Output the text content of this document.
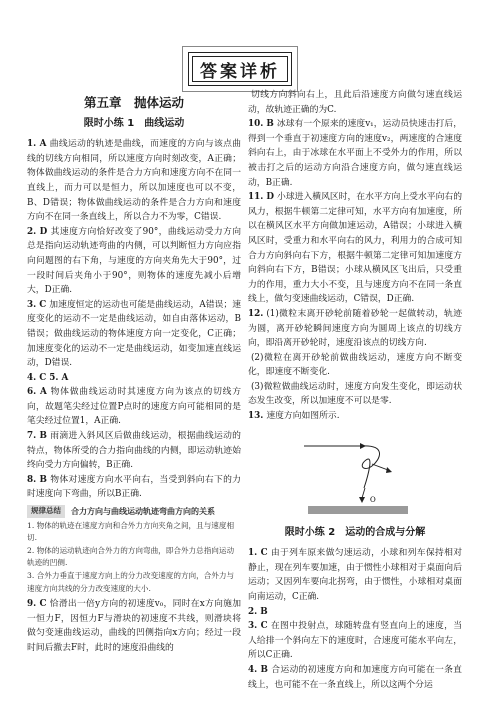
答案详析
第五章　抛体运动
限时小练 1　曲线运动

1. A 曲线运动的轨迹是曲线，而速度的方向与该点曲线的切线方向相同，所以速度方向时刻改变，A正确；物体做曲线运动的条件是合力方向和速度方向不在同一直线上，而力可以是恒力，所以加速度也可以不变，B、D错误；物体做曲线运动的条件是合力方向和速度方向不在同一条直线上，所以合力不为零，C错误.

2. D 其速度方向恰好改变了90°，曲线运动受力方向总是指向运动轨迹弯曲的内侧，可以判断恒力方向应指向问题图的右下角，与速度的方向夹角先大于90°，过一段时间后夹角小于90°，则物体的速度先减小后增大，D正确.

3. C 加速度恒定的运动也可能是曲线运动，A错误；速度变化的运动不一定是曲线运动，如自由落体运动，B错误；做曲线运动的物体速度方向一定变化，C正确；加速度变化的运动不一定是曲线运动，如变加速直线运动，D错误.

4. C 5. A

6. A 物体做曲线运动时其速度方向为该点的切线方向，故题笔尖经过位置P点时的速度方向可能相同的是笔尖经过位置1，A正确.

7. B 雨滴进入斜风区后做曲线运动，根据曲线运动的特点，物体所受的合力指向曲线的内侧，即运动轨迹始终向受力方向偏转，B正确.

8. B 物体对速度方向水平向右，当受到斜向右下的力时速度向下弯曲，所以B正确.

规律总结	合力方向与曲线运动轨迹弯曲方向的关系
1. 物体的轨迹在速度方向和合外力方向夹角之间，且与速度相切.
2. 物体的运动轨迹向合外力的方向弯曲，即合外力总指向运动轨迹的凹侧.
3. 合外力垂直于速度方向上的分力改变速度的方向，合外力与速度方向共线的分力改变速度的大小.

9. C 恰滑出一倍y方向的初速度v₀，同时在x方向施加一恒力F，因恒力F与滑块的初速度不共线，则滑块将做匀变速曲线运动，曲线的凹侧指向x方向；经过一段时间后撤去F时，此时的速度沿曲线的

切线方向斜向右上，且此后沿速度方向做匀速直线运动，故轨迹正确的为C.

10. B 冰球有一个原来的速度v₁，运动员快速击打后，得到一个垂直于初速度方向的速度v₂，两速度的合速度斜向右上，由于冰球在水平面上不受外力的作用，所以被击打之后的运动方向沿合速度方向，做匀速直线运动，B正确.

11. D 小球进入横风区时，在水平方向上受水平向右的风力，根据牛顿第二定律可知，水平方向有加速度，所以在横风区水平方向做加速运动，A错误；小球进入横风区时，受重力和水平向右的风力，利用力的合成可知合力方向斜向右下方，根据牛顿第二定律可知加速度方向斜向右下方，B错误；小球从横风区飞出后，只受重力的作用，重力大小不变，且与速度方向不在同一条直线上，做匀变速曲线运动，C错误，D正确.

12. (1)微粒末离开砂轮前随着砂轮一起做转动，轨迹为圆，离开砂轮瞬间速度方向为圆周上该点的切线方向，即沿离开砂轮时，速度沿该点的切线方向.

(2)微粒在离开砂轮前做曲线运动，速度方向不断变化，即速度不断变化.

(3)微粒做曲线运动时，速度方向发生变化，即运动状态发生改变，所以加速度不可以是零.

13. 速度方向如图所示.

O
限时小练 2　运动的合成与分解

1. C 由于列车原来做匀速运动，小球和列车保持相对静止，现在列车要加速，由于惯性小球相对于桌面向后运动；又因列车要向北拐弯，由于惯性，小球相对桌面向南运动，C正确.

2. B

3. C 在图中投射点，球随转盘有竖直向上的速度，当人给排一个斜向左下的速度时，合速度可能水平向左，所以C正确.

4. B 合运动的初速度方向和加速度方向可能在一条直线上，也可能不在一条直线上，所以这两个分运
